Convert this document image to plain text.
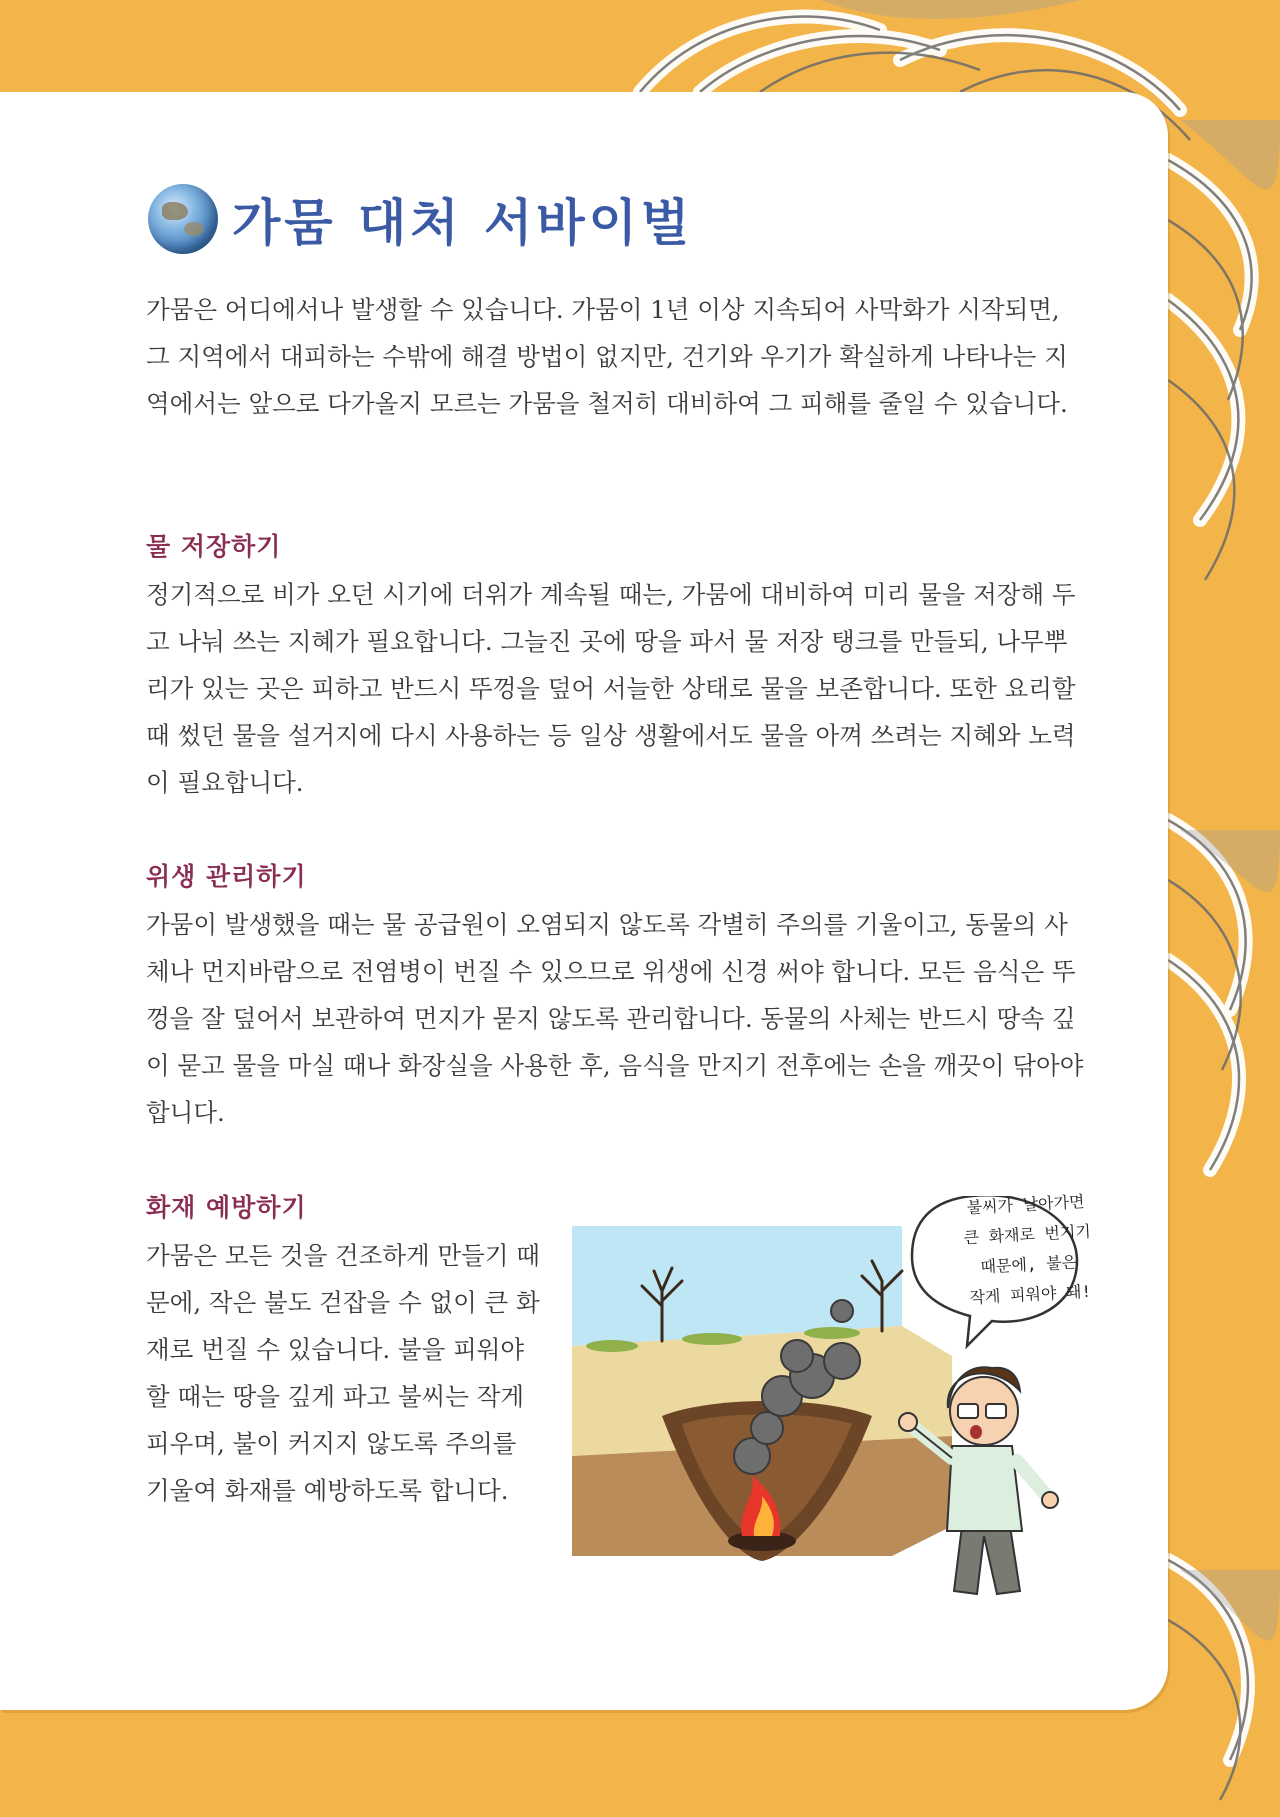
가뭄 대처 서바이벌

가뭄은 어디에서나 발생할 수 있습니다. 가뭄이 1년 이상 지속되어 사막화가 시작되면, 그 지역에서 대피하는 수밖에 해결 방법이 없지만, 건기와 우기가 확실하게 나타나는 지역에서는 앞으로 다가올지 모르는 가뭄을 철저히 대비하여 그 피해를 줄일 수 있습니다.

물 저장하기

정기적으로 비가 오던 시기에 더위가 계속될 때는, 가뭄에 대비하여 미리 물을 저장해 두고 나눠 쓰는 지혜가 필요합니다. 그늘진 곳에 땅을 파서 물 저장 탱크를 만들되, 나무뿌리가 있는 곳은 피하고 반드시 뚜껑을 덮어 서늘한 상태로 물을 보존합니다. 또한 요리할 때 썼던 물을 설거지에 다시 사용하는 등 일상 생활에서도 물을 아껴 쓰려는 지혜와 노력이 필요합니다.

위생 관리하기

가뭄이 발생했을 때는 물 공급원이 오염되지 않도록 각별히 주의를 기울이고, 동물의 사체나 먼지바람으로 전염병이 번질 수 있으므로 위생에 신경 써야 합니다. 모든 음식은 뚜껑을 잘 덮어서 보관하여 먼지가 묻지 않도록 관리합니다. 동물의 사체는 반드시 땅속 깊이 묻고 물을 마실 때나 화장실을 사용한 후, 음식을 만지기 전후에는 손을 깨끗이 닦아야 합니다.

화재 예방하기

가뭄은 모든 것을 건조하게 만들기 때문에, 작은 불도 걷잡을 수 없이 큰 화재로 번질 수 있습니다. 불을 피워야 할 때는 땅을 깊게 파고 불씨는 작게 피우며, 불이 커지지 않도록 주의를 기울여 화재를 예방하도록 합니다.

불씨가 날아가면
큰 화재로 번지기
때문에, 불은
작게 피워야 돼!
